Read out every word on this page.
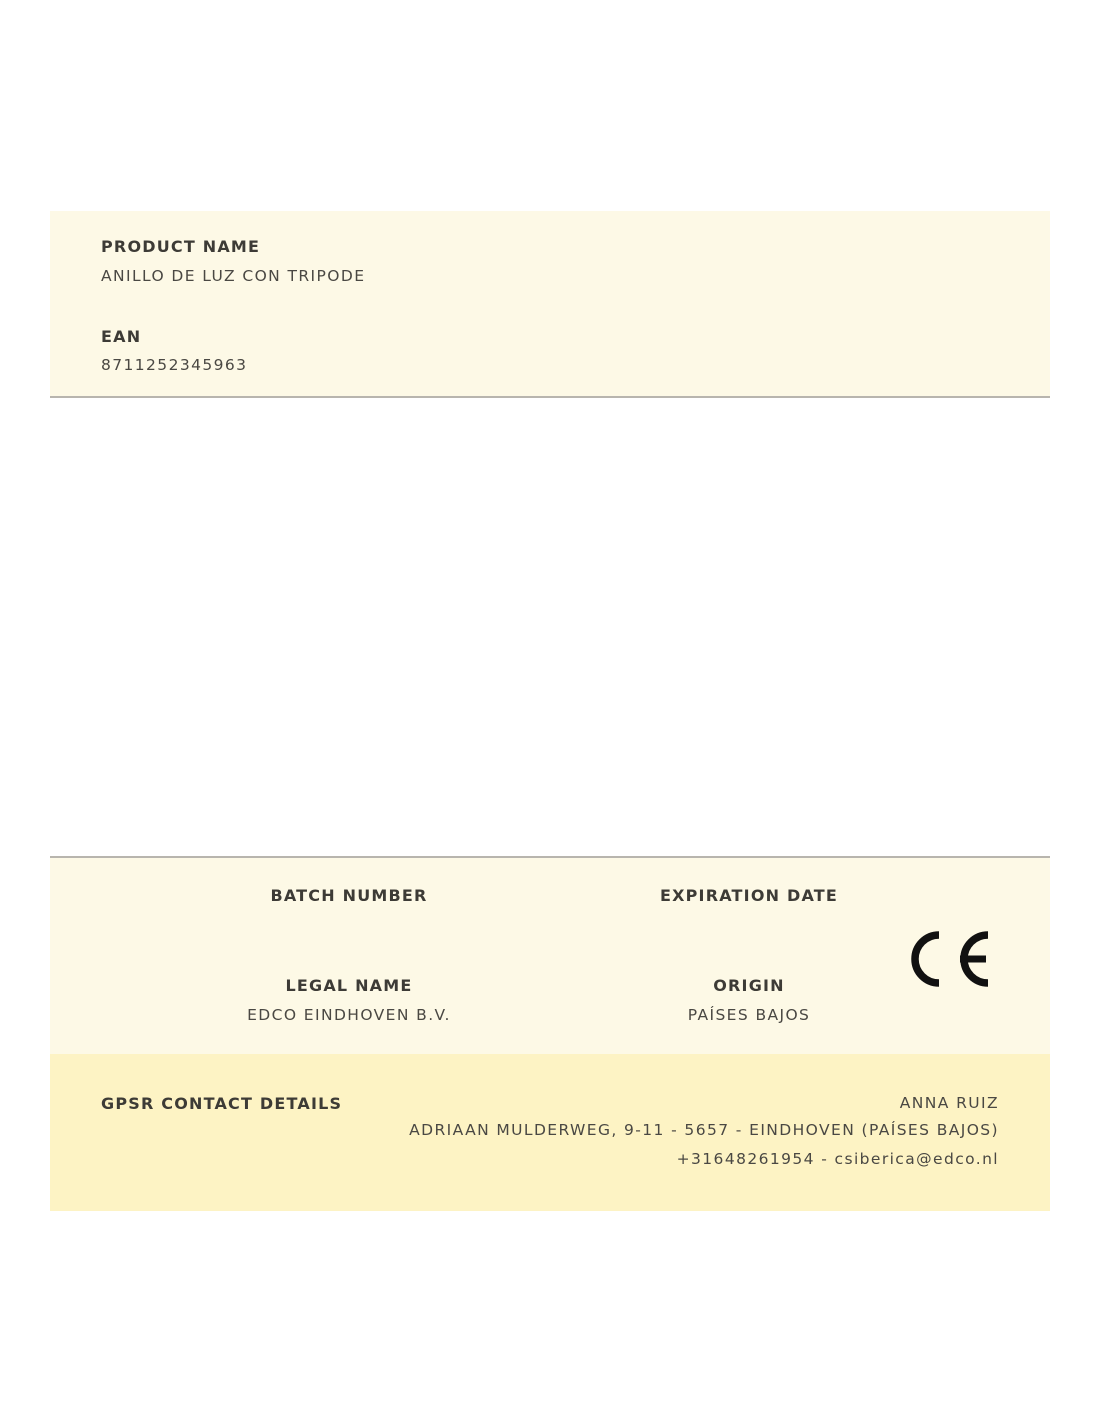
PRODUCT NAME
ANILLO DE LUZ CON TRIPODE
EAN
8711252345963
BATCH NUMBER	EXPIRATION DATE
LEGAL NAME
EDCO EINDHOVEN B.V.
ORIGIN
PAÍSES BAJOS
GPSR CONTACT DETAILS	ANNA RUIZ
ADRIAAN MULDERWEG, 9-11 - 5657 - EINDHOVEN (PAÍSES BAJOS)
+31648261954 - csiberica@edco.nl
